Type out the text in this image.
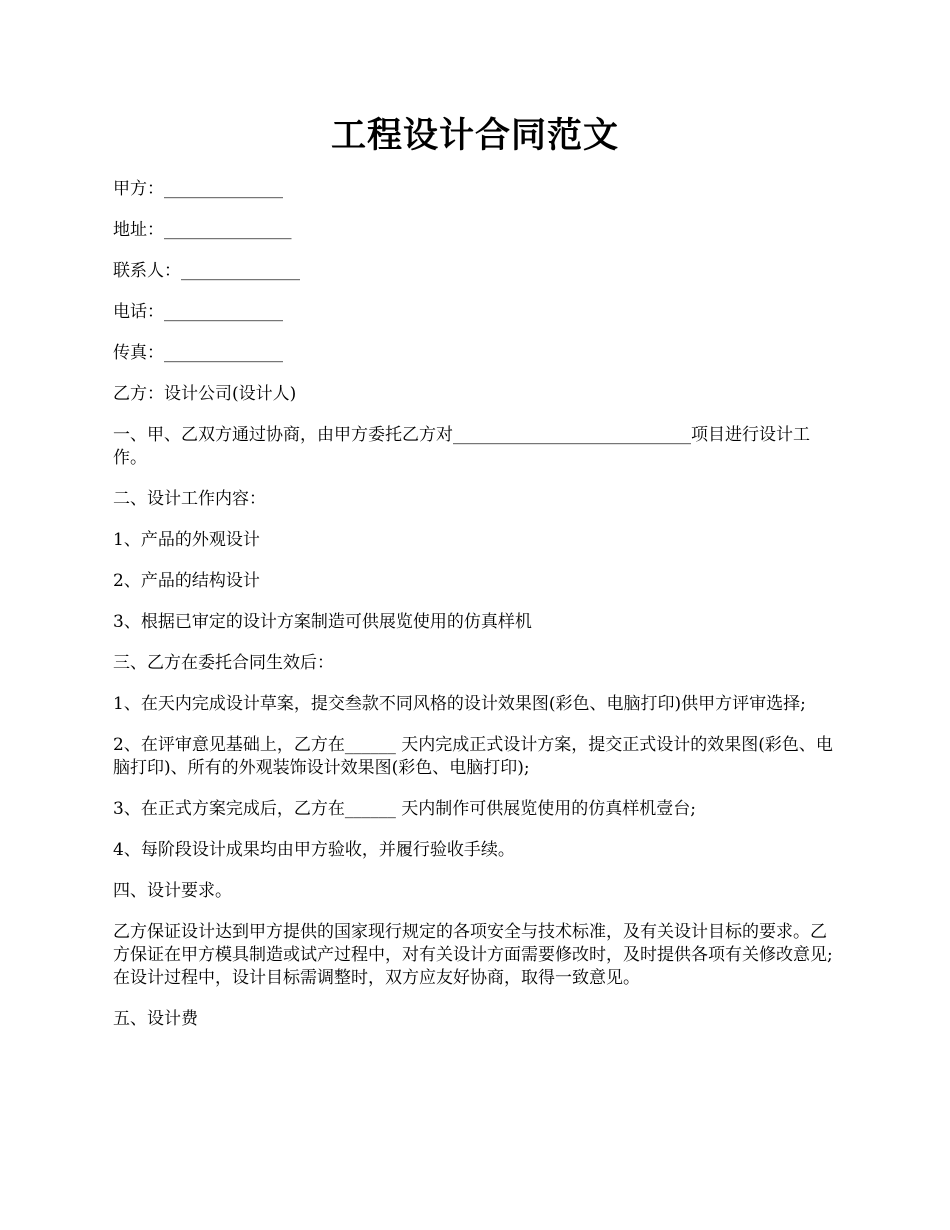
工程设计合同范文

甲方：______________

地址：_______________

联系人：______________

电话：______________

传真：______________

乙方：设计公司(设计人)

一、甲、乙双方通过协商，由甲方委托乙方对____________________________项目进行设计工作。

二、设计工作内容：

1、产品的外观设计

2、产品的结构设计

3、根据已审定的设计方案制造可供展览使用的仿真样机

三、乙方在委托合同生效后：

1、在天内完成设计草案，提交叁款不同风格的设计效果图(彩色、电脑打印)供甲方评审选择;

2、在评审意见基础上，乙方在______ 天内完成正式设计方案，提交正式设计的效果图(彩色、电脑打印)、所有的外观装饰设计效果图(彩色、电脑打印);

3、在正式方案完成后，乙方在______ 天内制作可供展览使用的仿真样机壹台;

4、每阶段设计成果均由甲方验收，并履行验收手续。

四、设计要求。

乙方保证设计达到甲方提供的国家现行规定的各项安全与技术标准，及有关设计目标的要求。乙方保证在甲方模具制造或试产过程中，对有关设计方面需要修改时，及时提供各项有关修改意见;在设计过程中，设计目标需调整时，双方应友好协商，取得一致意见。

五、设计费
